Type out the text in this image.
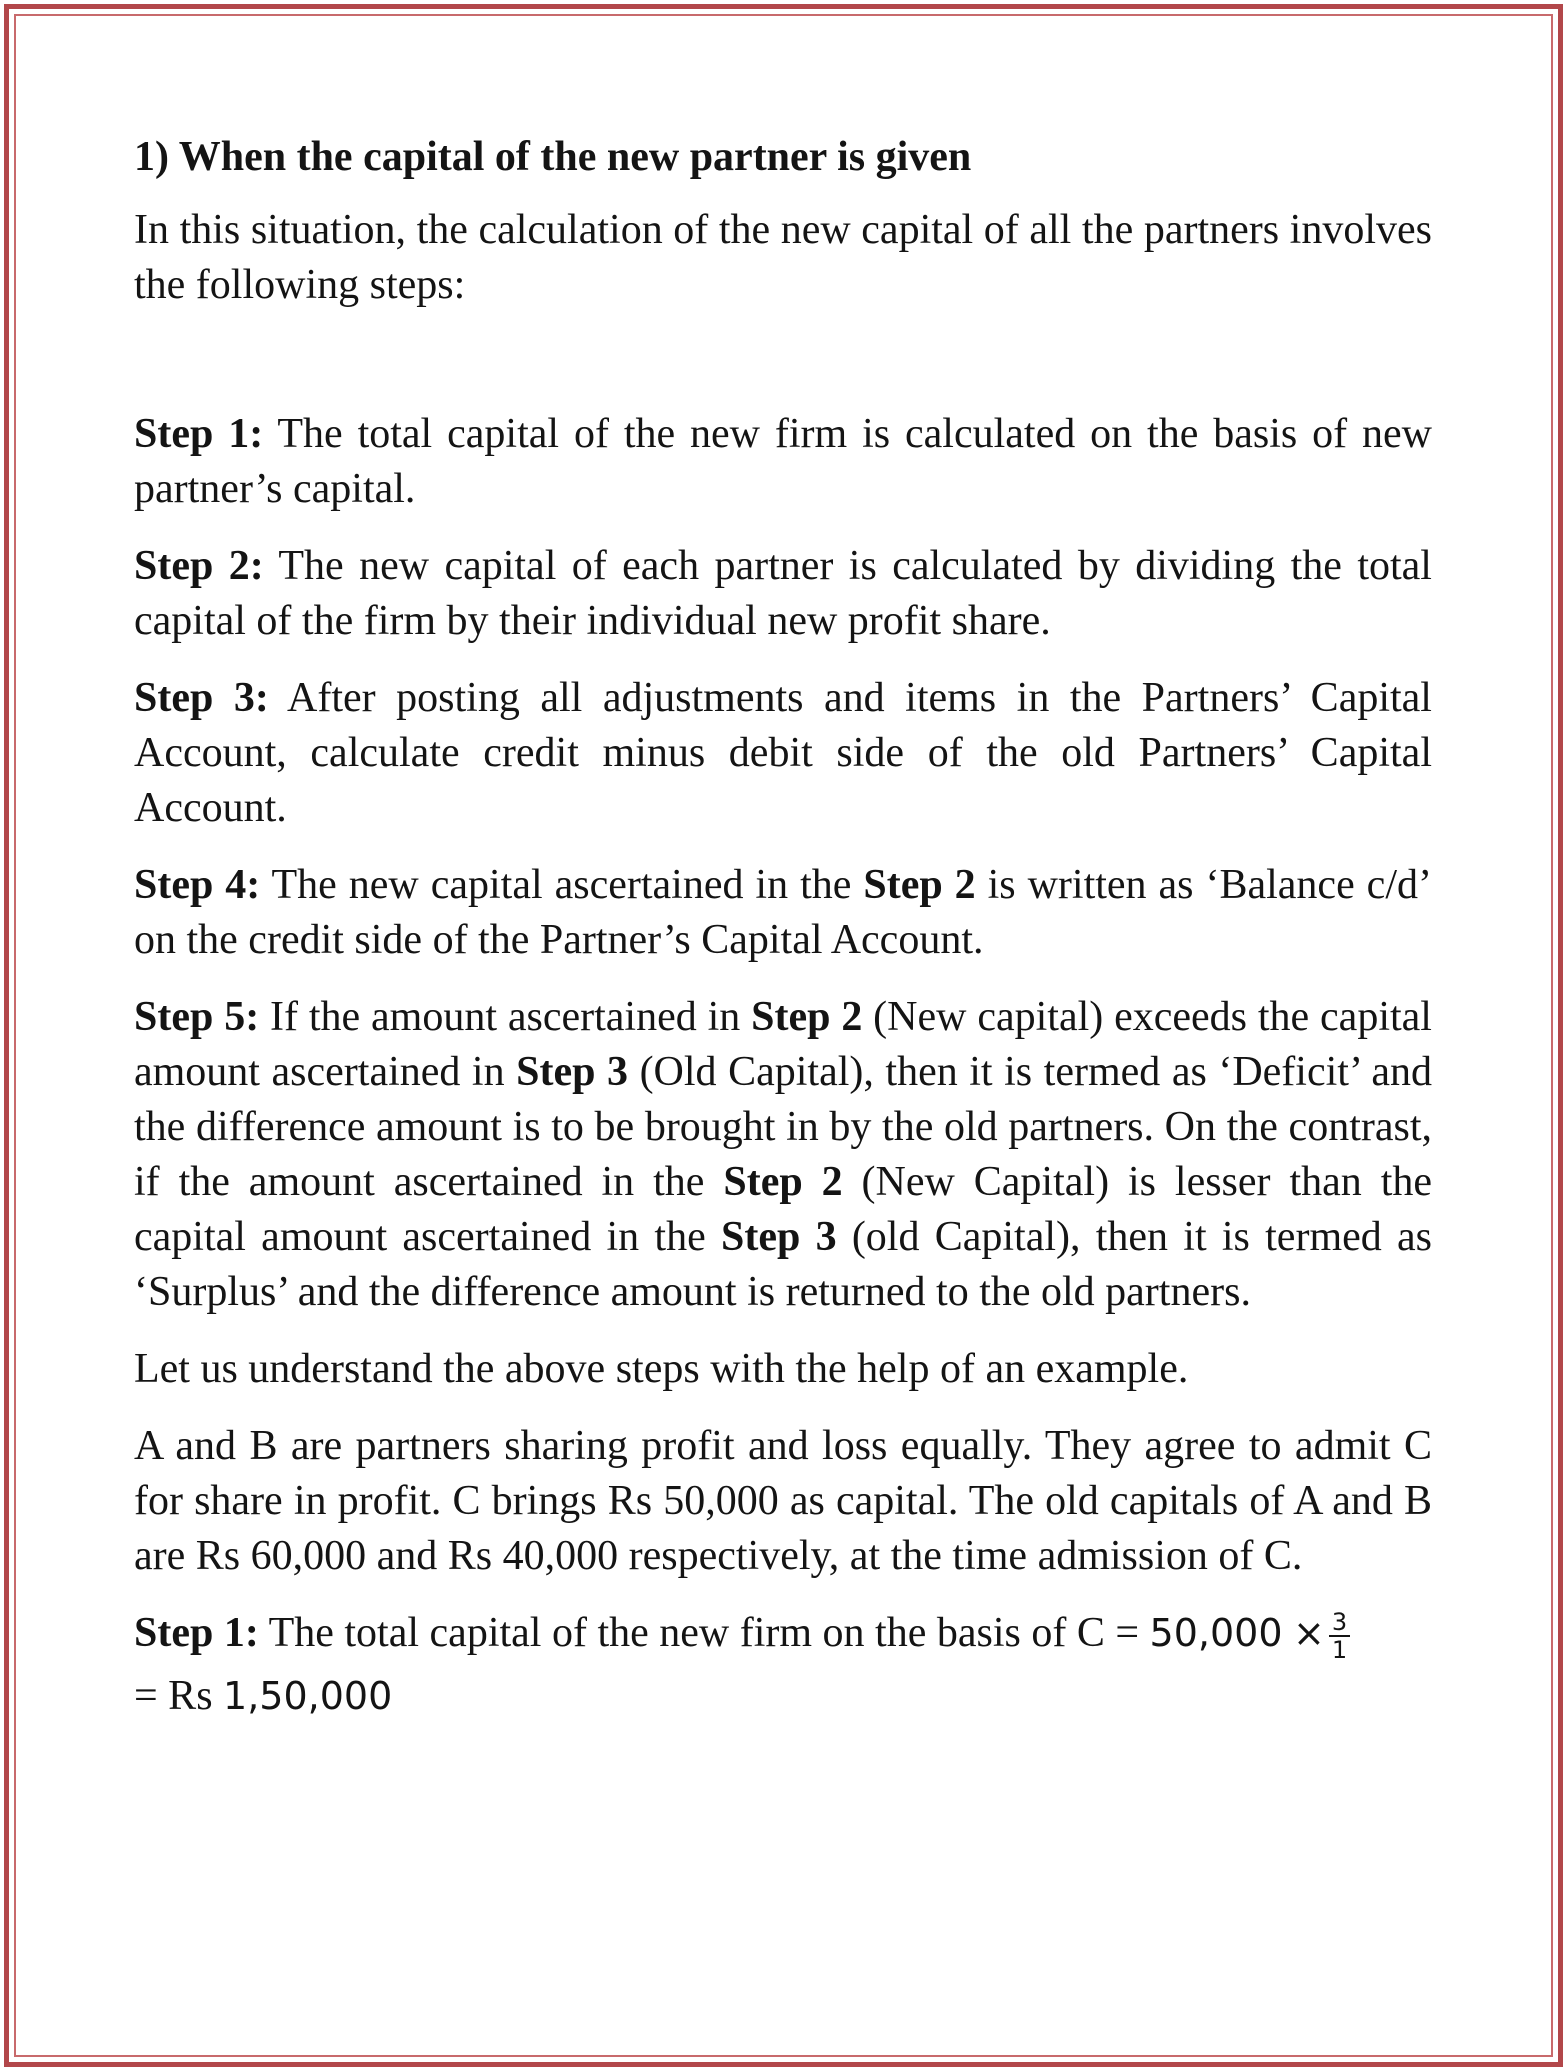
1) When the capital of the new partner is given

In this situation, the calculation of the new capital of all the partners involves the following steps:

Step 1: The total capital of the new firm is calculated on the basis of new partner’s capital.

Step 2: The new capital of each partner is calculated by dividing the total capital of the firm by their individual new profit share.

Step 3: After posting all adjustments and items in the Partners’ Capital Account, calculate credit minus debit side of the old Partners’ Capital Account.

Step 4: The new capital ascertained in the Step 2 is written as ‘Balance c/d’ on the credit side of the Partner’s Capital Account.

Step 5: If the amount ascertained in Step 2 (New capital) exceeds the capital amount ascertained in Step 3 (Old Capital), then it is termed as ‘Deficit’ and the difference amount is to be brought in by the old partners. On the contrast, if the amount ascertained in the Step 2 (New Capital) is lesser than the capital amount ascertained in the Step 3 (old Capital), then it is termed as ‘Surplus’ and the difference amount is returned to the old partners.

Let us understand the above steps with the help of an example.

A and B are partners sharing profit and loss equally. They agree to admit C for share in profit. C brings Rs 50,000 as capital. The old capitals of A and B are Rs 60,000 and Rs 40,000 respectively, at the time admission of C.

Step 1: The total capital of the new firm on the basis of $C = 50,000 \times \frac{3}{1}$

= Rs 1,50,000
